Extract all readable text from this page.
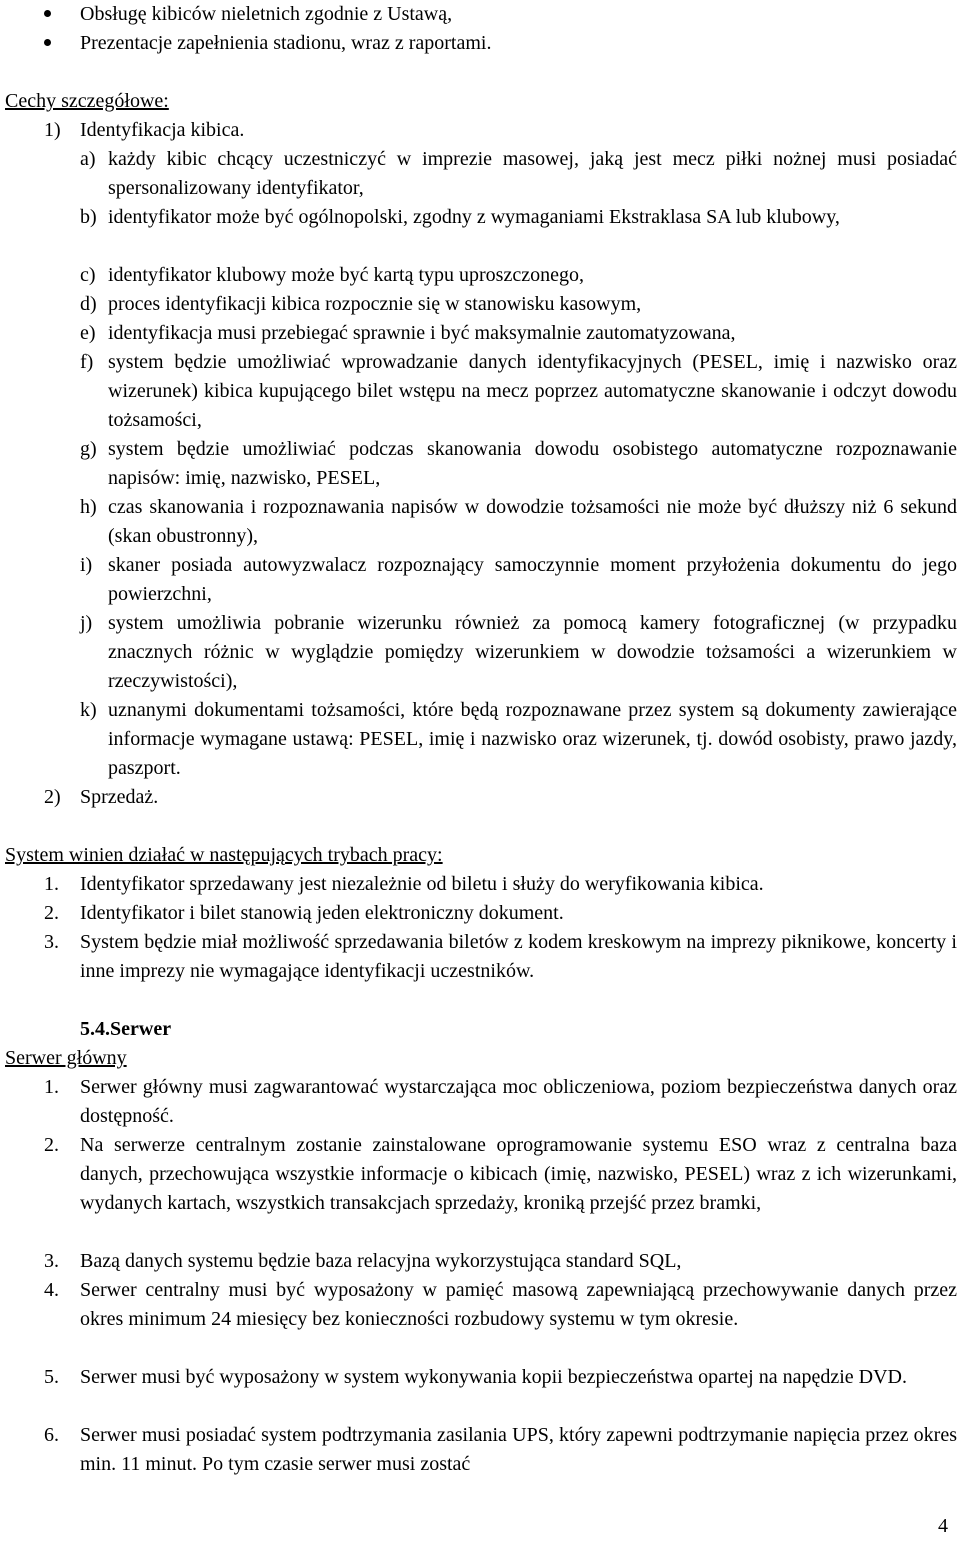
Obsługę kibiców nieletnich zgodnie z Ustawą,
Prezentacje zapełnienia stadionu, wraz z raportami.
Cechy szczegółowe:
1) Identyfikacja kibica.
a) każdy kibic chcący uczestniczyć w imprezie masowej, jaką jest mecz piłki nożnej musi posiadać spersonalizowany identyfikator,
b) identyfikator może być ogólnopolski, zgodny z wymaganiami Ekstraklasa SA lub klubowy,
c) identyfikator klubowy może być kartą typu uproszczonego,
d) proces identyfikacji kibica rozpocznie się w stanowisku kasowym,
e) identyfikacja musi przebiegać sprawnie i być maksymalnie zautomatyzowana,
f) system będzie umożliwiać wprowadzanie danych identyfikacyjnych (PESEL, imię i nazwisko oraz wizerunek) kibica kupującego bilet wstępu na mecz poprzez automatyczne skanowanie i odczyt dowodu tożsamości,
g) system będzie umożliwiać podczas skanowania dowodu osobistego automatyczne rozpoznawanie napisów: imię, nazwisko, PESEL,
h) czas skanowania i rozpoznawania napisów w dowodzie tożsamości nie może być dłuższy niż 6 sekund (skan obustronny),
i) skaner posiada autowyzwalacz rozpoznający samoczynnie moment przyłożenia dokumentu do jego powierzchni,
j) system umożliwia pobranie wizerunku również za pomocą kamery fotograficznej (w przypadku znacznych różnic w wyglądzie pomiędzy wizerunkiem w dowodzie tożsamości a wizerunkiem w rzeczywistości),
k) uznanymi dokumentami tożsamości, które będą rozpoznawane przez system są dokumenty zawierające informacje wymagane ustawą: PESEL, imię i nazwisko oraz wizerunek, tj. dowód osobisty, prawo jazdy, paszport.
2) Sprzedaż.
System winien działać w następujących trybach pracy:
1. Identyfikator sprzedawany jest niezależnie od biletu i służy do weryfikowania kibica.
2. Identyfikator i bilet stanowią jeden elektroniczny dokument.
3. System będzie miał możliwość sprzedawania biletów z kodem kreskowym na imprezy piknikowe, koncerty i inne imprezy nie wymagające identyfikacji uczestników.
5.4.Serwer
Serwer główny
1. Serwer główny musi zagwarantować wystarczająca moc obliczeniowa, poziom bezpieczeństwa danych oraz dostępność.
2. Na serwerze centralnym zostanie zainstalowane oprogramowanie systemu ESO wraz z centralna baza danych, przechowująca wszystkie informacje o kibicach (imię, nazwisko, PESEL) wraz z ich wizerunkami, wydanych kartach, wszystkich transakcjach sprzedaży, kroniką przejść przez bramki,
3. Bazą danych systemu będzie baza relacyjna wykorzystująca standard SQL,
4. Serwer centralny musi być wyposażony w pamięć masową zapewniającą przechowywanie danych przez okres minimum 24 miesięcy bez konieczności rozbudowy systemu w tym okresie.
5. Serwer musi być wyposażony w system wykonywania kopii bezpieczeństwa opartej na napędzie DVD.
6. Serwer musi posiadać system podtrzymania zasilania UPS, który zapewni podtrzymanie napięcia przez okres min. 11 minut. Po tym czasie serwer musi zostać
4
